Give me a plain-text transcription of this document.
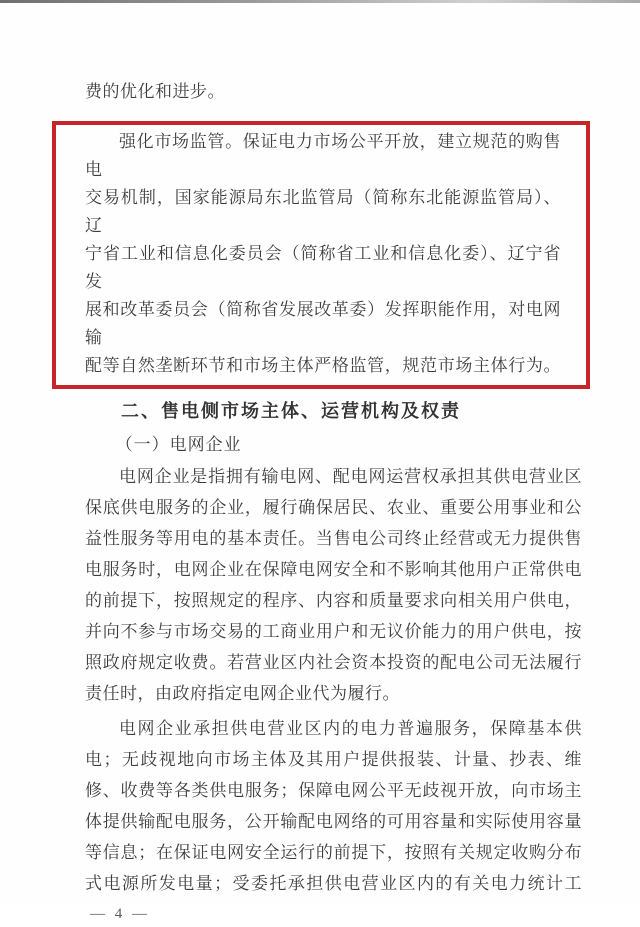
费的优化和进步。
强化市场监管。保证电力市场公平开放，建立规范的购售电
交易机制，国家能源局东北监管局（简称东北能源监管局）、辽
宁省工业和信息化委员会（简称省工业和信息化委）、辽宁省发
展和改革委员会（简称省发展改革委）发挥职能作用，对电网输
配等自然垄断环节和市场主体严格监管，规范市场主体行为。
二、售电侧市场主体、运营机构及权责
（一）电网企业
电网企业是指拥有输电网、配电网运营权承担其供电营业区
保底供电服务的企业，履行确保居民、农业、重要公用事业和公
益性服务等用电的基本责任。当售电公司终止经营或无力提供售
电服务时，电网企业在保障电网安全和不影响其他用户正常供电
的前提下，按照规定的程序、内容和质量要求向相关用户供电，
并向不参与市场交易的工商业用户和无议价能力的用户供电，按
照政府规定收费。若营业区内社会资本投资的配电公司无法履行
责任时，由政府指定电网企业代为履行。
电网企业承担供电营业区内的电力普遍服务，保障基本供
电；无歧视地向市场主体及其用户提供报装、计量、抄表、维
修、收费等各类供电服务；保障电网公平无歧视开放，向市场主
体提供输配电服务，公开输配电网络的可用容量和实际使用容量
等信息；在保证电网安全运行的前提下，按照有关规定收购分布
式电源所发电量；受委托承担供电营业区内的有关电力统计工
— 4 —
